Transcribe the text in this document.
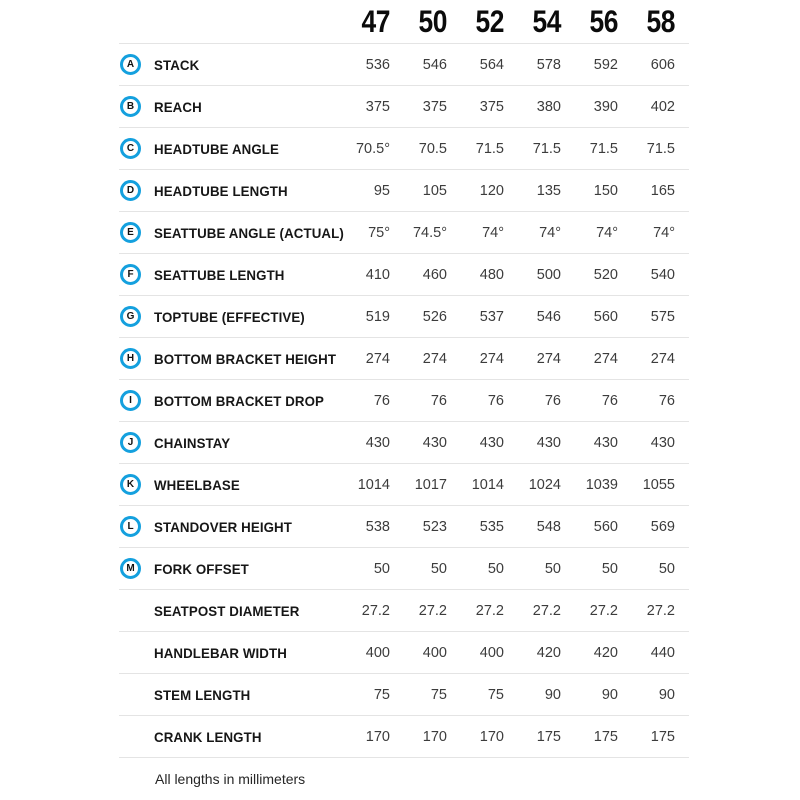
47 50 52 54 56 58
A	STACK	536	546	564	578	592	606
B	REACH	375	375	375	380	390	402
C	HEADTUBE ANGLE	70.5°	70.5	71.5	71.5	71.5	71.5
D	HEADTUBE LENGTH	95	105	120	135	150	165
E	SEATTUBE ANGLE (ACTUAL)	75°	74.5°	74°	74°	74°	74°
F	SEATTUBE LENGTH	410	460	480	500	520	540
G	TOPTUBE (EFFECTIVE)	519	526	537	546	560	575
H	BOTTOM BRACKET HEIGHT	274	274	274	274	274	274
I	BOTTOM BRACKET DROP	76	76	76	76	76	76
J	CHAINSTAY	430	430	430	430	430	430
K	WHEELBASE	1014	1017	1014	1024	1039	1055
L	STANDOVER HEIGHT	538	523	535	548	560	569
M	FORK OFFSET	50	50	50	50	50	50
SEATPOST DIAMETER	27.2	27.2	27.2	27.2	27.2	27.2
HANDLEBAR WIDTH	400	400	400	420	420	440
STEM LENGTH	75	75	75	90	90	90
CRANK LENGTH	170	170	170	175	175	175
All lengths in millimeters
